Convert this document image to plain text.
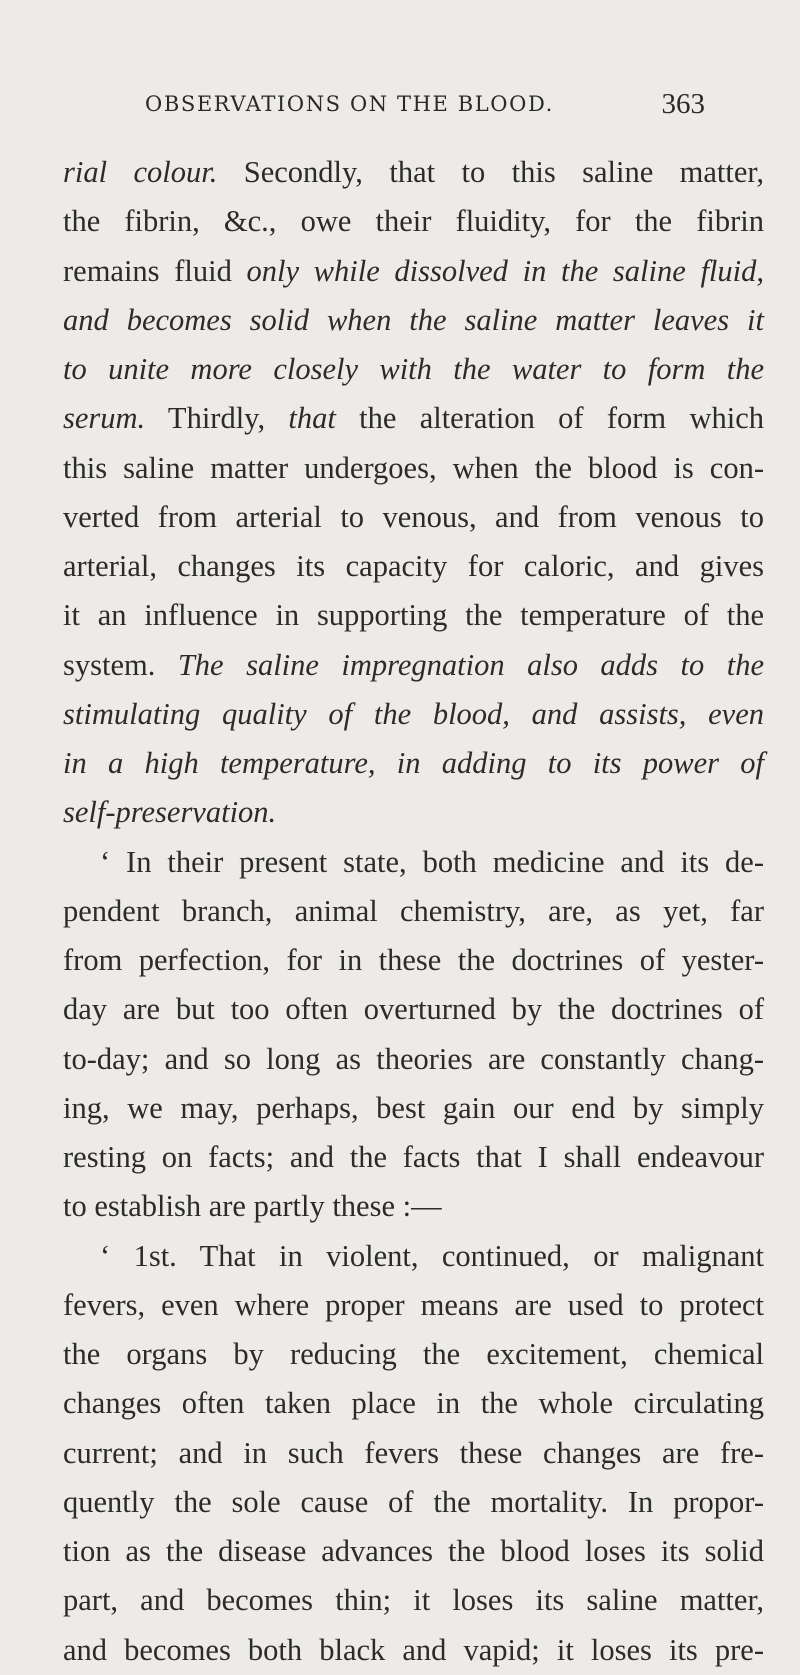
OBSERVATIONS ON THE BLOOD.	363
rial colour. Secondly, that to this saline matter,
the fibrin, &c., owe their fluidity, for the fibrin
remains fluid only while dissolved in the saline fluid,
and becomes solid when the saline matter leaves it
to unite more closely with the water to form the
serum. Thirdly, that the alteration of form which
this saline matter undergoes, when the blood is con-
verted from arterial to venous, and from venous to
arterial, changes its capacity for caloric, and gives
it an influence in supporting the temperature of the
system. The saline impregnation also adds to the
stimulating quality of the blood, and assists, even
in a high temperature, in adding to its power of
self-preservation.
‘ In their present state, both medicine and its de-
pendent branch, animal chemistry, are, as yet, far
from perfection, for in these the doctrines of yester-
day are but too often overturned by the doctrines of
to-day; and so long as theories are constantly chang-
ing, we may, perhaps, best gain our end by simply
resting on facts; and the facts that I shall endeavour
to establish are partly these :—
‘ 1st. That in violent, continued, or malignant
fevers, even where proper means are used to protect
the organs by reducing the excitement, chemical
changes often taken place in the whole circulating
current; and in such fevers these changes are fre-
quently the sole cause of the mortality. In propor-
tion as the disease advances the blood loses its solid
part, and becomes thin; it loses its saline matter,
and becomes both black and vapid; it loses its pre-
